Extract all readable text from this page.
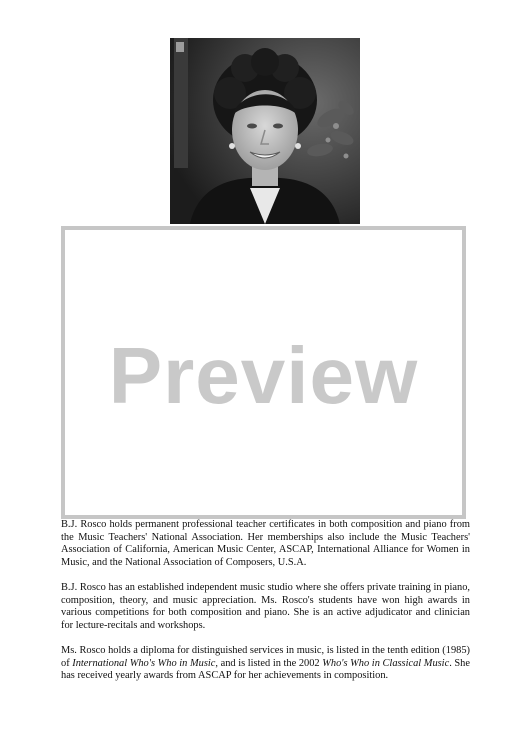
B.J. Rosco holds permanent professional teacher certificates in both composition and piano from the Music Teachers' National Association. Her memberships also include the Music Teachers' Association of California, American Music Center, ASCAP, International Alliance for Women in Music, and the National Association of Composers, U.S.A.

B.J. Rosco has an established independent music studio where she offers private training in piano, composition, theory, and music appreciation. Ms. Rosco's students have won high awards in various competitions for both composition and piano. She is an active adjudicator and clinician for lecture-recitals and workshops.

Ms. Rosco holds a diploma for distinguished services in music, is listed in the tenth edition (1985) of International Who's Who in Music, and is listed in the 2002 Who's Who in Classical Music. She has received yearly awards from ASCAP for her achievements in composition.

Preview
